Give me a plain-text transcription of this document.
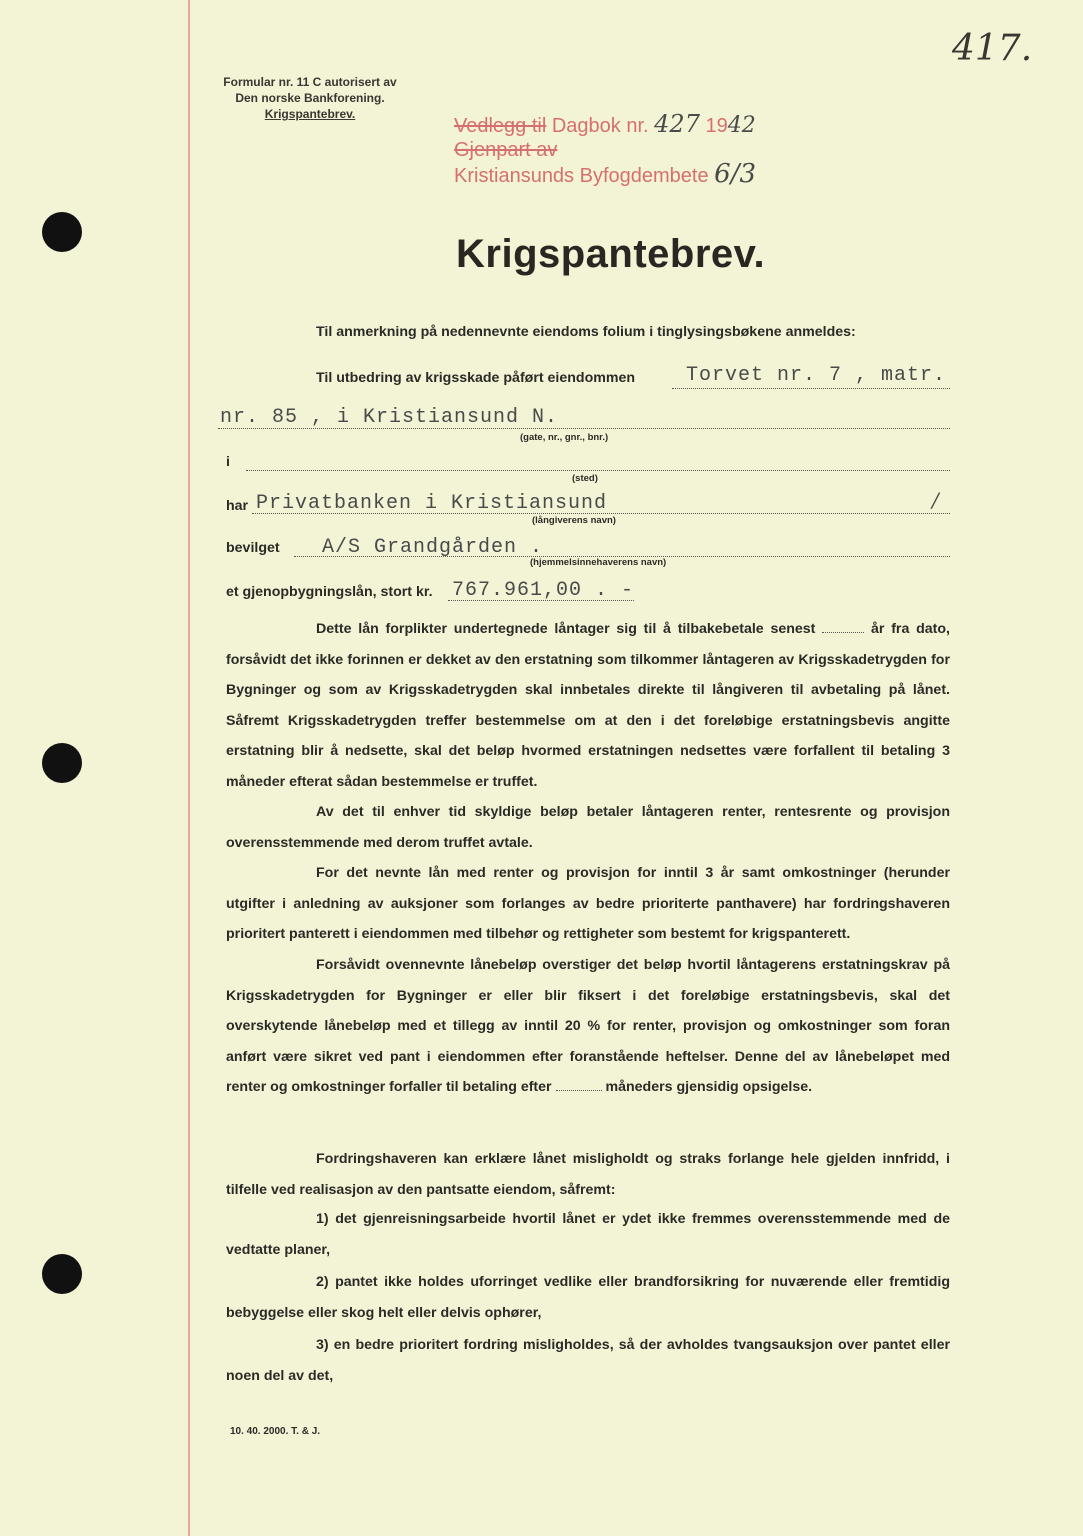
417.
Formular nr. 11 C autorisert av
Den norske Bankforening.
Krigspantebrev.
Vedlegg til Dagbok nr. 427 1942
Gjenpart av
Kristiansunds Byfogdembete 6/3
Krigspantebrev.
Til anmerkning på nedennevnte eiendoms folium i tinglysingsbøkene anmeldes:
Til utbedring av krigsskade påført eiendommen	Torvet nr. 7 , matr.
nr. 85 , i Kristiansund N.
(gate, nr., gnr., bnr.)
i
(sted)
har Privatbanken i Kristiansund
(långiverens navn)
/
bevilget A/S Grandgården .
(hjemmelsinnehaverens navn)
et gjenopbygningslån, stort kr. 767.961,00 . -
Dette lån forplikter undertegnede låntager sig til å tilbakebetale senest	år fra dato, forsåvidt det ikke forinnen er dekket av den erstatning som tilkommer låntageren av Krigsskadetrygden for Bygninger og som av Krigsskadetrygden skal innbetales direkte til långiveren til avbetaling på lånet. Såfremt Krigsskadetrygden treffer bestemmelse om at den i det foreløbige erstatningsbevis angitte erstatning blir å nedsette, skal det beløp hvormed erstatningen nedsettes være forfallent til betaling 3 måneder efterat sådan bestemmelse er truffet.
Av det til enhver tid skyldige beløp betaler låntageren renter, rentesrente og provisjon overensstemmende med derom truffet avtale.
For det nevnte lån med renter og provisjon for inntil 3 år samt omkostninger (herunder utgifter i anledning av auksjoner som forlanges av bedre prioriterte panthavere) har fordringshaveren prioritert panterett i eiendommen med tilbehør og rettigheter som bestemt for krigspanterett.
Forsåvidt ovennevnte lånebeløp overstiger det beløp hvortil låntagerens erstatningskrav på Krigsskadetrygden for Bygninger er eller blir fiksert i det foreløbige erstatningsbevis, skal det overskytende lånebeløp med et tillegg av inntil 20 % for renter, provisjon og omkostninger som foran anført være sikret ved pant i eiendommen efter foranstående heftelser. Denne del av lånebeløpet med renter og omkostninger forfaller til betaling efter	måneders gjensidig opsigelse.
Fordringshaveren kan erklære lånet misligholdt og straks forlange hele gjelden innfridd, i tilfelle ved realisasjon av den pantsatte eiendom, såfremt:
1) det gjenreisningsarbeide hvortil lånet er ydet ikke fremmes overensstemmende med de vedtatte planer,
2) pantet ikke holdes uforringet vedlike eller brandforsikring for nuværende eller fremtidig bebyggelse eller skog helt eller delvis ophører,
3) en bedre prioritert fordring misligholdes, så der avholdes tvangsauksjon over pantet eller noen del av det,
10. 40. 2000. T. & J.
